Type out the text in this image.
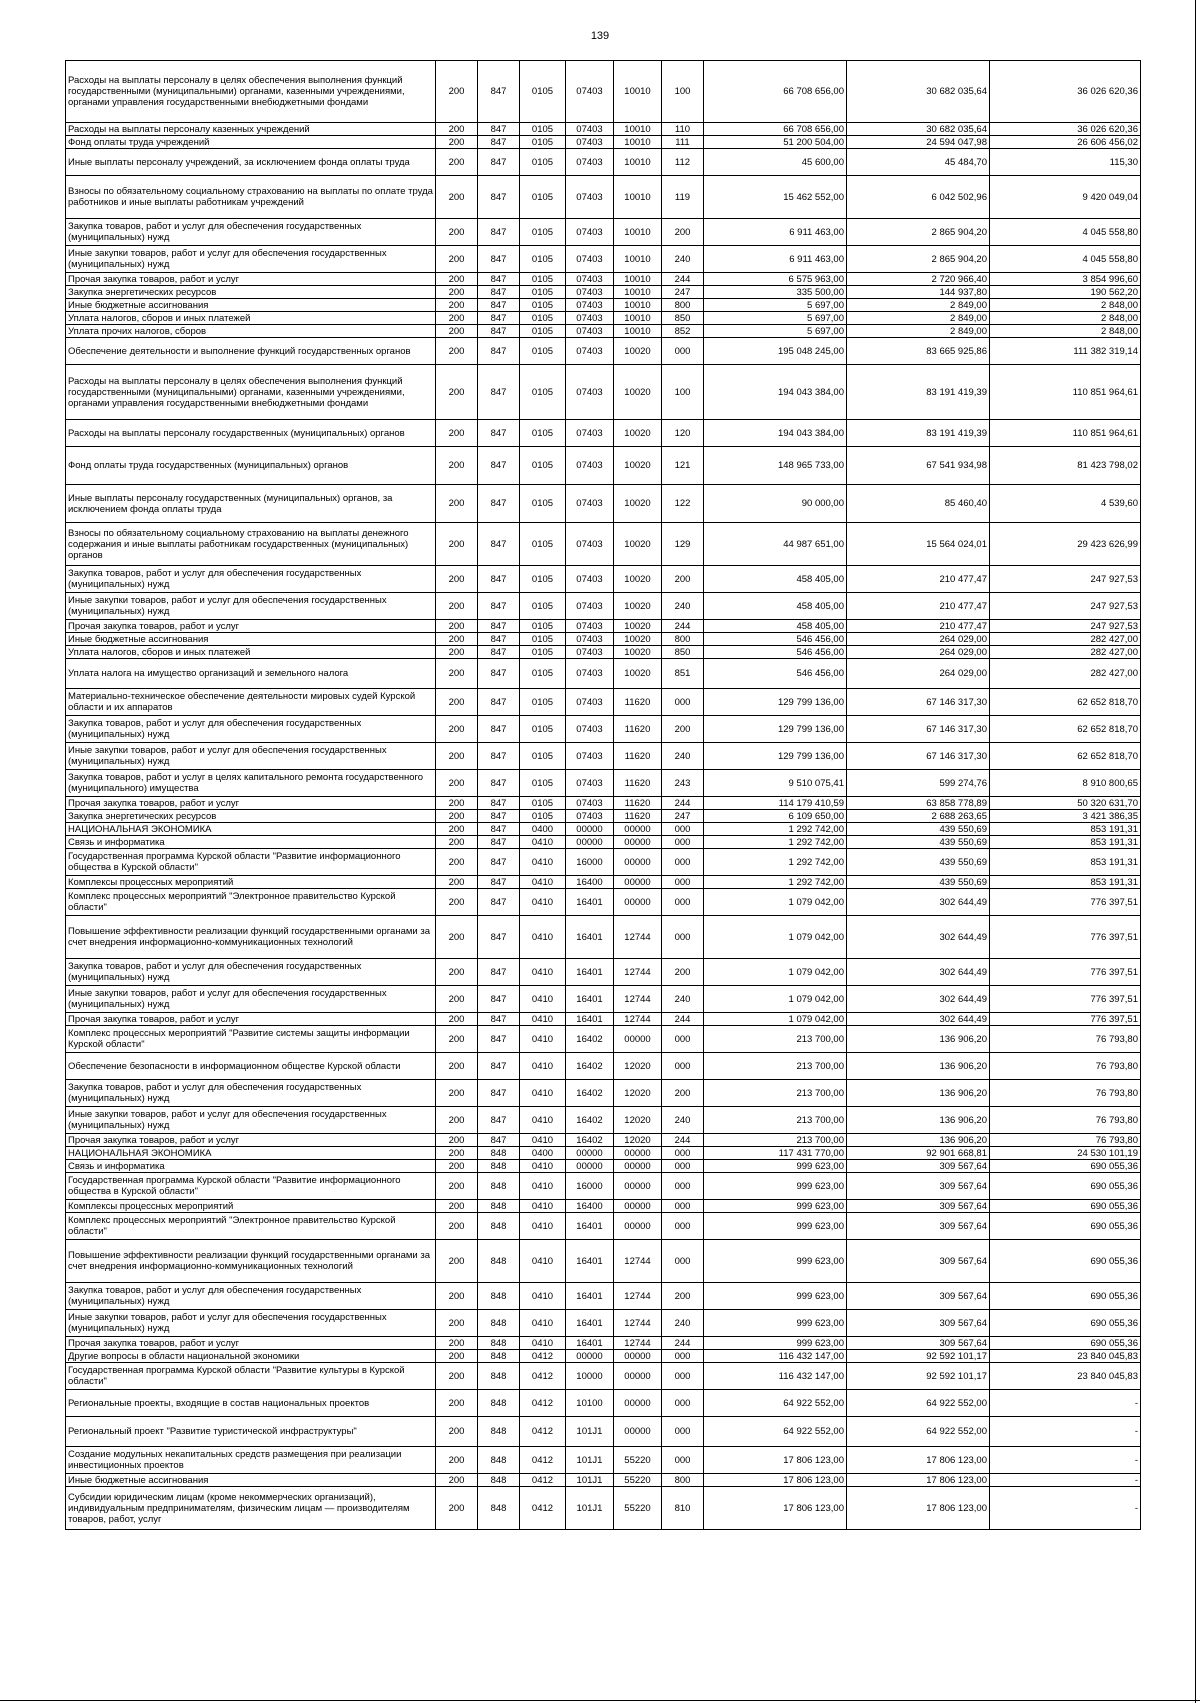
139
Расходы на выплаты персоналу в целях обеспечения выполнения функций государственными (муниципальными) органами, казенными учреждениями, органами управления государственными внебюджетными фондами	200	847	0105	07403	10010	100	66 708 656,00	30 682 035,64	36 026 620,36
Расходы на выплаты персоналу казенных учреждений	200	847	0105	07403	10010	110	66 708 656,00	30 682 035,64	36 026 620,36
Фонд оплаты труда учреждений	200	847	0105	07403	10010	111	51 200 504,00	24 594 047,98	26 606 456,02
Иные выплаты персоналу учреждений, за исключением фонда оплаты труда	200	847	0105	07403	10010	112	45 600,00	45 484,70	115,30
Взносы по обязательному социальному страхованию на выплаты по оплате труда работников и иные выплаты работникам учреждений	200	847	0105	07403	10010	119	15 462 552,00	6 042 502,96	9 420 049,04
Закупка товаров, работ и услуг для обеспечения государственных (муниципальных) нужд	200	847	0105	07403	10010	200	6 911 463,00	2 865 904,20	4 045 558,80
Иные закупки товаров, работ и услуг для обеспечения государственных (муниципальных) нужд	200	847	0105	07403	10010	240	6 911 463,00	2 865 904,20	4 045 558,80
Прочая закупка товаров, работ и услуг	200	847	0105	07403	10010	244	6 575 963,00	2 720 966,40	3 854 996,60
Закупка энергетических ресурсов	200	847	0105	07403	10010	247	335 500,00	144 937,80	190 562,20
Иные бюджетные ассигнования	200	847	0105	07403	10010	800	5 697,00	2 849,00	2 848,00
Уплата налогов, сборов и иных платежей	200	847	0105	07403	10010	850	5 697,00	2 849,00	2 848,00
Уплата прочих налогов, сборов	200	847	0105	07403	10010	852	5 697,00	2 849,00	2 848,00
Обеспечение деятельности и выполнение функций государственных органов	200	847	0105	07403	10020	000	195 048 245,00	83 665 925,86	111 382 319,14
Расходы на выплаты персоналу в целях обеспечения выполнения функций государственными (муниципальными) органами, казенными учреждениями, органами управления государственными внебюджетными фондами	200	847	0105	07403	10020	100	194 043 384,00	83 191 419,39	110 851 964,61
Расходы на выплаты персоналу государственных (муниципальных) органов	200	847	0105	07403	10020	120	194 043 384,00	83 191 419,39	110 851 964,61
Фонд оплаты труда государственных (муниципальных) органов	200	847	0105	07403	10020	121	148 965 733,00	67 541 934,98	81 423 798,02
Иные выплаты персоналу государственных (муниципальных) органов, за исключением фонда оплаты труда	200	847	0105	07403	10020	122	90 000,00	85 460,40	4 539,60
Взносы по обязательному социальному страхованию на выплаты денежного содержания и иные выплаты работникам государственных (муниципальных) органов	200	847	0105	07403	10020	129	44 987 651,00	15 564 024,01	29 423 626,99
Закупка товаров, работ и услуг для обеспечения государственных (муниципальных) нужд	200	847	0105	07403	10020	200	458 405,00	210 477,47	247 927,53
Иные закупки товаров, работ и услуг для обеспечения государственных (муниципальных) нужд	200	847	0105	07403	10020	240	458 405,00	210 477,47	247 927,53
Прочая закупка товаров, работ и услуг	200	847	0105	07403	10020	244	458 405,00	210 477,47	247 927,53
Иные бюджетные ассигнования	200	847	0105	07403	10020	800	546 456,00	264 029,00	282 427,00
Уплата налогов, сборов и иных платежей	200	847	0105	07403	10020	850	546 456,00	264 029,00	282 427,00
Уплата налога на имущество организаций и земельного налога	200	847	0105	07403	10020	851	546 456,00	264 029,00	282 427,00
Материально-техническое обеспечение деятельности мировых судей Курской области и их аппаратов	200	847	0105	07403	11620	000	129 799 136,00	67 146 317,30	62 652 818,70
Закупка товаров, работ и услуг для обеспечения государственных (муниципальных) нужд	200	847	0105	07403	11620	200	129 799 136,00	67 146 317,30	62 652 818,70
Иные закупки товаров, работ и услуг для обеспечения государственных (муниципальных) нужд	200	847	0105	07403	11620	240	129 799 136,00	67 146 317,30	62 652 818,70
Закупка товаров, работ и услуг в целях капитального ремонта государственного (муниципального) имущества	200	847	0105	07403	11620	243	9 510 075,41	599 274,76	8 910 800,65
Прочая закупка товаров, работ и услуг	200	847	0105	07403	11620	244	114 179 410,59	63 858 778,89	50 320 631,70
Закупка энергетических ресурсов	200	847	0105	07403	11620	247	6 109 650,00	2 688 263,65	3 421 386,35
НАЦИОНАЛЬНАЯ ЭКОНОМИКА	200	847	0400	00000	00000	000	1 292 742,00	439 550,69	853 191,31
Связь и информатика	200	847	0410	00000	00000	000	1 292 742,00	439 550,69	853 191,31
Государственная программа Курской области "Развитие информационного общества в Курской области"	200	847	0410	16000	00000	000	1 292 742,00	439 550,69	853 191,31
Комплексы процессных мероприятий	200	847	0410	16400	00000	000	1 292 742,00	439 550,69	853 191,31
Комплекс процессных мероприятий "Электронное правительство Курской области"	200	847	0410	16401	00000	000	1 079 042,00	302 644,49	776 397,51
Повышение эффективности реализации функций государственными органами за счет внедрения информационно-коммуникационных технологий	200	847	0410	16401	12744	000	1 079 042,00	302 644,49	776 397,51
Закупка товаров, работ и услуг для обеспечения государственных (муниципальных) нужд	200	847	0410	16401	12744	200	1 079 042,00	302 644,49	776 397,51
Иные закупки товаров, работ и услуг для обеспечения государственных (муниципальных) нужд	200	847	0410	16401	12744	240	1 079 042,00	302 644,49	776 397,51
Прочая закупка товаров, работ и услуг	200	847	0410	16401	12744	244	1 079 042,00	302 644,49	776 397,51
Комплекс процессных мероприятий "Развитие системы защиты информации Курской области"	200	847	0410	16402	00000	000	213 700,00	136 906,20	76 793,80
Обеспечение безопасности в информационном обществе Курской области	200	847	0410	16402	12020	000	213 700,00	136 906,20	76 793,80
Закупка товаров, работ и услуг для обеспечения государственных (муниципальных) нужд	200	847	0410	16402	12020	200	213 700,00	136 906,20	76 793,80
Иные закупки товаров, работ и услуг для обеспечения государственных (муниципальных) нужд	200	847	0410	16402	12020	240	213 700,00	136 906,20	76 793,80
Прочая закупка товаров, работ и услуг	200	847	0410	16402	12020	244	213 700,00	136 906,20	76 793,80
НАЦИОНАЛЬНАЯ ЭКОНОМИКА	200	848	0400	00000	00000	000	117 431 770,00	92 901 668,81	24 530 101,19
Связь и информатика	200	848	0410	00000	00000	000	999 623,00	309 567,64	690 055,36
Государственная программа Курской области "Развитие информационного общества в Курской области"	200	848	0410	16000	00000	000	999 623,00	309 567,64	690 055,36
Комплексы процессных мероприятий	200	848	0410	16400	00000	000	999 623,00	309 567,64	690 055,36
Комплекс процессных мероприятий "Электронное правительство Курской области"	200	848	0410	16401	00000	000	999 623,00	309 567,64	690 055,36
Повышение эффективности реализации функций государственными органами за счет внедрения информационно-коммуникационных технологий	200	848	0410	16401	12744	000	999 623,00	309 567,64	690 055,36
Закупка товаров, работ и услуг для обеспечения государственных (муниципальных) нужд	200	848	0410	16401	12744	200	999 623,00	309 567,64	690 055,36
Иные закупки товаров, работ и услуг для обеспечения государственных (муниципальных) нужд	200	848	0410	16401	12744	240	999 623,00	309 567,64	690 055,36
Прочая закупка товаров, работ и услуг	200	848	0410	16401	12744	244	999 623,00	309 567,64	690 055,36
Другие вопросы в области национальной экономики	200	848	0412	00000	00000	000	116 432 147,00	92 592 101,17	23 840 045,83
Государственная программа Курской области "Развитие культуры в Курской области"	200	848	0412	10000	00000	000	116 432 147,00	92 592 101,17	23 840 045,83
Региональные проекты, входящие в состав национальных проектов	200	848	0412	10100	00000	000	64 922 552,00	64 922 552,00	-
Региональный проект "Развитие туристической инфраструктуры"	200	848	0412	101J1	00000	000	64 922 552,00	64 922 552,00	-
Создание модульных некапитальных средств размещения при реализации инвестиционных проектов	200	848	0412	101J1	55220	000	17 806 123,00	17 806 123,00	-
Иные бюджетные ассигнования	200	848	0412	101J1	55220	800	17 806 123,00	17 806 123,00	-
Субсидии юридическим лицам (кроме некоммерческих организаций), индивидуальным предпринимателям, физическим лицам — производителям товаров, работ, услуг	200	848	0412	101J1	55220	810	17 806 123,00	17 806 123,00	-
